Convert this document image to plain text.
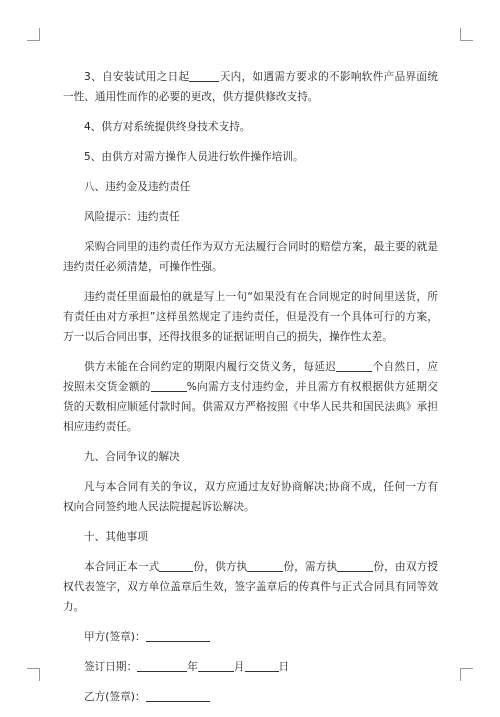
3、自安装试用之日起	天内，如遇需方要求的不影响软件产品界面统一性、通用性而作的必要的更改，供方提供修改支持。

4、供方对系统提供终身技术支持。

5、由供方对需方操作人员进行软件操作培训。

八、违约金及违约责任

风险提示：违约责任

采购合同里的违约责任作为双方无法履行合同时的赔偿方案，最主要的就是违约责任必须清楚，可操作性强。

违约责任里面最怕的就是写上一句“如果没有在合同规定的时间里送货，所有责任由对方承担”这样虽然规定了违约责任，但是没有一个具体可行的方案，万一以后合同出事，还得找很多的证据证明自己的损失，操作性太差。

供方未能在合同约定的期限内履行交货义务，每延迟	个自然日，应按照未交货金额的	%向需方支付违约金，并且需方有权根据供方延期交货的天数相应顺延付款时间。供需双方严格按照《中华人民共和国民法典》承担相应违约责任。

九、合同争议的解决

凡与本合同有关的争议，双方应通过友好协商解决;协商不成，任何一方有权向合同签约地人民法院提起诉讼解决。

十、其他事项

本合同正本一式	份，供方执	份，需方执	份，由双方授权代表签字，双方单位盖章后生效，签字盖章后的传真件与正式合同具有同等效力。

甲方(签章)：

签订日期：	年	月	日

乙方(签章)：
